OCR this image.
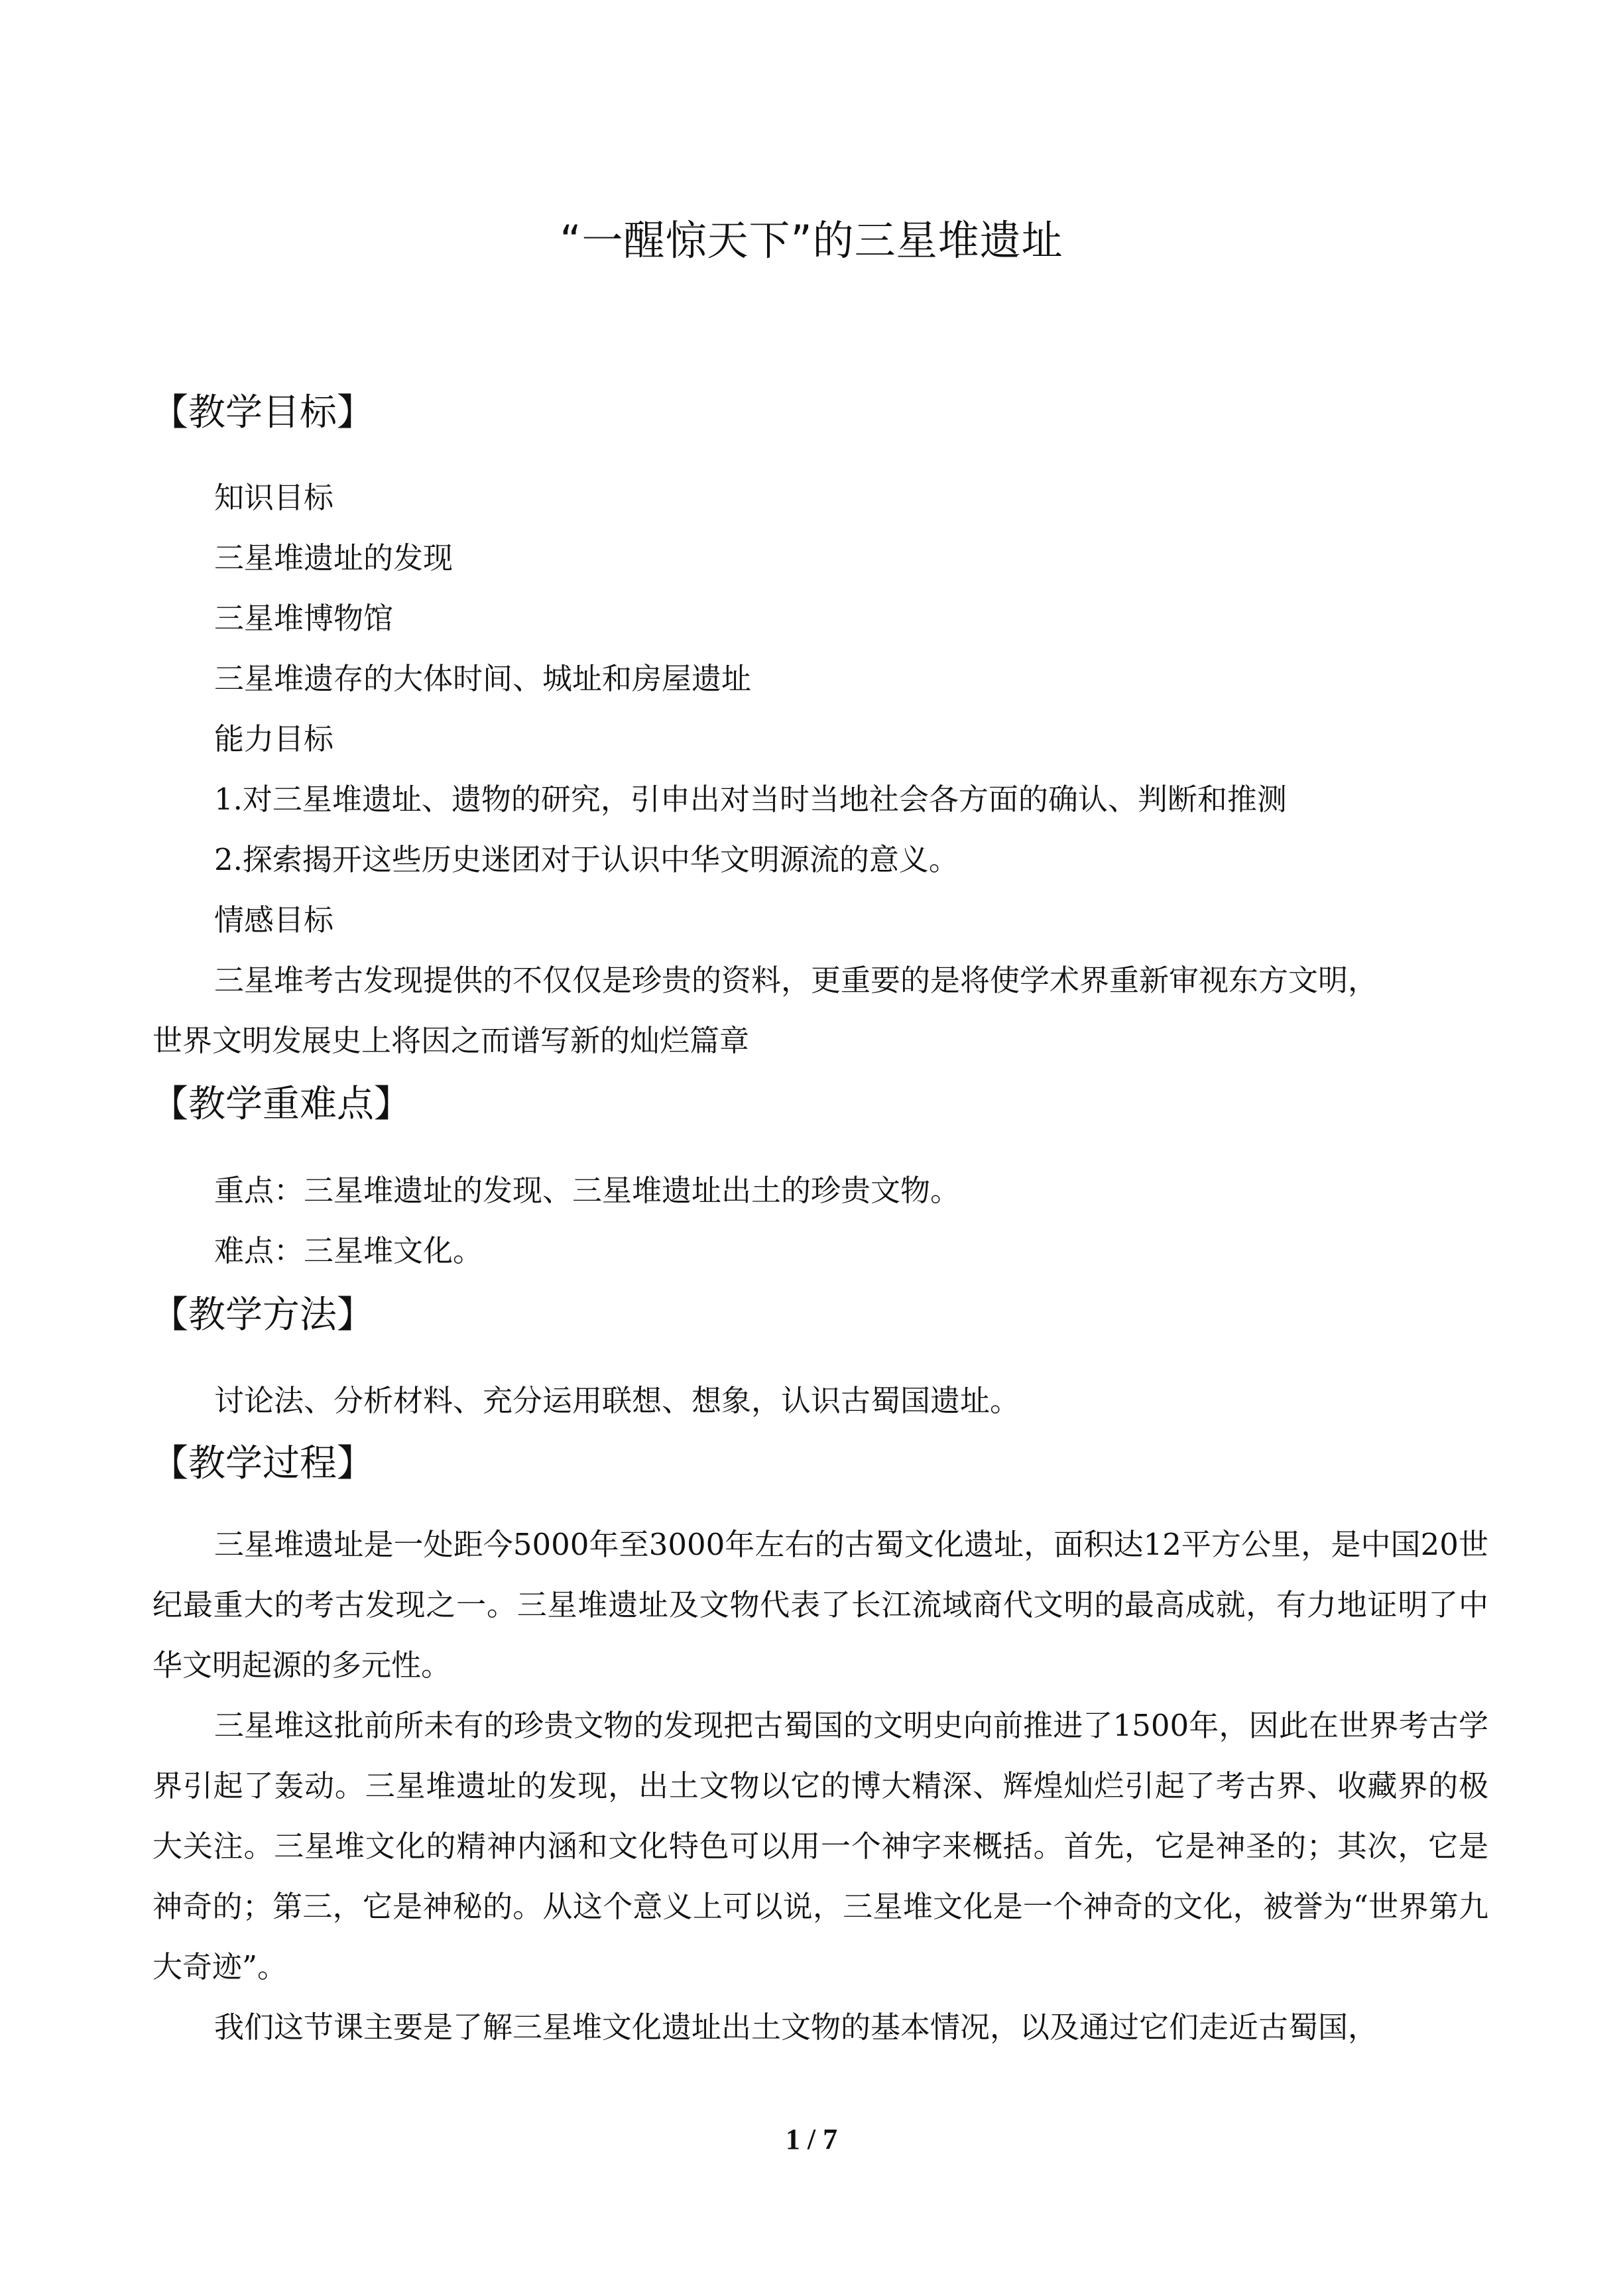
“一醒惊天下”的三星堆遗址
【教学目标】
知识目标
三星堆遗址的发现
三星堆博物馆
三星堆遗存的大体时间、城址和房屋遗址
能力目标
1.对三星堆遗址、遗物的研究，引申出对当时当地社会各方面的确认、判断和推测
2.探索揭开这些历史迷团对于认识中华文明源流的意义。
情感目标
三星堆考古发现提供的不仅仅是珍贵的资料，更重要的是将使学术界重新审视东方文明，
世界文明发展史上将因之而谱写新的灿烂篇章
【教学重难点】
重点：三星堆遗址的发现、三星堆遗址出土的珍贵文物。
难点：三星堆文化。
【教学方法】
讨论法、分析材料、充分运用联想、想象，认识古蜀国遗址。
【教学过程】
三星堆遗址是一处距今5000年至3000年左右的古蜀文化遗址，面积达12平方公里，是中国20世纪最重大的考古发现之一。三星堆遗址及文物代表了长江流域商代文明的最高成就，有力地证明了中华文明起源的多元性。
三星堆这批前所未有的珍贵文物的发现把古蜀国的文明史向前推进了1500年，因此在世界考古学界引起了轰动。三星堆遗址的发现，出土文物以它的博大精深、辉煌灿烂引起了考古界、收藏界的极大关注。三星堆文化的精神内涵和文化特色可以用一个神字来概括。首先，它是神圣的；其次，它是神奇的；第三，它是神秘的。从这个意义上可以说，三星堆文化是一个神奇的文化，被誉为“世界第九大奇迹”。
我们这节课主要是了解三星堆文化遗址出土文物的基本情况，以及通过它们走近古蜀国，
1 / 7
